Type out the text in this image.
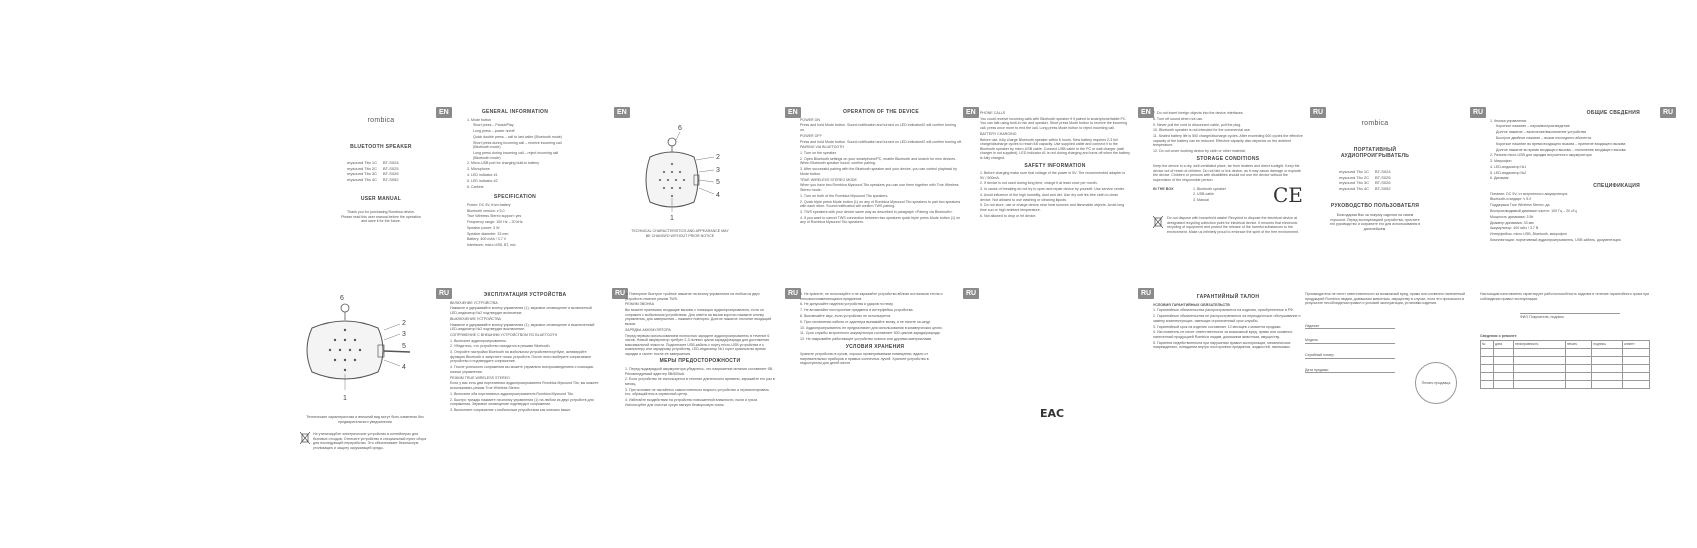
rombica
BLUETOOTH SPEAKER
mysound Tito 1C BT-S024
mysound Tito 2C BT-S025
mysound Tito 3C BT-S026
mysound Tito 4C BT-S052
USER MANUAL
Thank you for purchasing Rombica device. Please read this user manual before the operation and save it for the future.
EN	GENERAL INFORMATION

1. Mode button

Short press – Pause/Play

Long press – power on/off

Quick double press – call to last caller (Bluetooth mode)

Short press during incoming call – receive incoming call (Bluetooth mode)

Long press during incoming call – reject incoming call (Bluetooth mode)

2. Micro-USB port for charging built-in battery

3. Microphone

4. LED indicator #1

5. LED indicator #2

6. Carbine

SPECIFICATION

Power: DC 5V, from battery

Bluetooth version: v 5.0

True Wireless Stereo support: yes

Frequency range: 100 Hz – 20 kHz

Speaker power: 3 W

Speaker diameter: 33 mm

Battery: 400 mAh / 3.7 V

Interfaces: micro USB, BT, mic

EN
6
2
3
5
4
1
TECHNICAL CHARACTERISTICS AND APPEARANCE MAY BE CHANGED WITHOUT PRIOR NOTICE
EN	OPERATION OF THE DEVICE

POWER ON

Press and hold Mode button. Sound notification and turned on LED indicator#2 will confirm turning on.

POWER OFF

Press and hold Mode button. Sound notification and turned on LED indicator#2 will confirm turning off.

PAIRING VIA BLUETOOTH

1. Turn on the speaker.

2. Open Bluetooth settings on your smartphone/PC, enable Bluetooth and search for new devices. When Bluetooth speaker found, confirm pairing.

3. After successful pairing with the Bluetooth speaker and your device, you can control playback by Mode button.

TRUE WIRELESS STEREO MODE

When you have two Rombica Mysound Tito speakers you can use them together with True Wireless Stereo mode:

1. Turn on both of the Rombica Mysound Tito speakers.

2. Quick triple press Mode button (1) on any of Rombica Mysound Tito speakers to pair two speakers with each other. Sound notification will confirm TWS pairing.

3. TWS speakers with your device same way as described in paragraph «Pairing via Bluetooth».

4. If you want to cancel TWS connection between two speakers quick triple press Mode button (1) on any of Rombica Mysound Tito speakers.

EN	PHONE CALLS

You could receive incoming calls with Bluetooth speaker if it paired to smartphone/tablet PC. You can talk using built-in mic and speaker. Short press Mode button to receive the incoming call, press once more to end the call. Long press Mode button to reject incoming call.

BATTERY CHARGING

Before use, fully charge Bluetooth speaker within 6 hours. New battery requires 2-3 full charge/discharge cycles to reach full capacity. Use supplied cable and connect it to the Bluetooth speaker by micro-USB cable. Connect USB cable to the PC or wall charger (wall charger is not supplied). LED indicator #1 is red during charging and turns off when the battery is fully charged.

SAFETY INFORMATION

1. Before charging make sure that voltage of the power is 5V. The recommended adapter is 5V / 500mA.

2. If device is not used during long time, charge it at least once per month.

3. In cause of breaking do not try to open and repair device by yourself. Use service center.

4. Avoid influence of the high humidity, dust and dirt. Use dry soft lint-free cloth to clean device. Not allowed to use washing or cleaning liquids.

5. Do not store, use or charge device near heat sources and flammable objects. Avoid long time sun or high ambient temperature.

6. Not allowed to drop or hit device.

EN 7. Do not insert foreign objects into the device interfaces.

8. Turn off sound when not use.

9. Never pull the cord to disconnect cable, pull the plug.

10. Bluetooth speaker is not intended for the commercial use.

11. Sealed battery life is 500 charge/discharge cycles. After exceeding 500 cycles the effective capacity of the battery can be reduced. Effective capacity also depends on the ambient temperature.

12. Do not cover working device by cloth or other material.

STORAGE CONDITIONS

Keep the device in a dry, well-ventilated place, far from heaters and direct sunlight. Keep the device out of reach of children. Do not bite or lick device, as it may cause damage or explode the device. Children or persons with disabilities should not use the device without the supervision of the responsible person.

IN THE BOX	1. Bluetooth speaker

2. USB cable

3. Manual	CE
Do not dispose with household waste! Recycled to dispose the electrical device at designated recycling collection point for electrical device. It ensures that electronic recycling of equipment and protect the release of the harmful substances to the environment. Make us infinitely proud to embrace the spirit of the free environment.
RU
rombica
ПОРТАТИВНЫЙ АУДИОПРОИГРЫВАТЕЛЬ
mysound Tito 1C BT-S024
mysound Tito 2C BT-S025
mysound Tito 3C BT-S026
mysound Tito 4C BT-S052
РУКОВОДСТВО ПОЛЬЗОВАТЕЛЯ
Благодарим Вас за покупку изделия на сваем mysound. Перед эксплуатацией устройства, прочтите это руководство и сохраните его для использования в дальнейшем.
RU	ОБЩИЕ СВЕДЕНИЯ

1. Кнопка управления

Короткое нажатие – пауза/воспроизведение

Долгое нажатие – включение/выключение устройства

Быстрое двойное нажатие – вызов последнего абонента

Короткое нажатие во время входящего вызова – принятие входящего вызова

Долгое нажатие во время входящего вызова – отклонение входящего вызова

2. Разъем micro-USB для зарядки встроенного аккумулятора

3. Микрофон

4. LED-индикатор №1

5. LED-индикатор №2

6. Динамик

СПЕЦИФИКАЦИЯ

Питание: DC 5V, от встроенного аккумулятора

Bluetooth-стандарт: v 5.0

Поддержка True Wireless Stereo: да

Воспроизводимый диапазон частот: 100 Гц – 20 кГц

Мощность динамика: 3 Вт

Диаметр динамика: 33 мм

Аккумулятор: 400 мАч / 3.7 В

Интерфейсы: micro USB, Bluetooth, микрофон

Комплектация: портативный аудиопроигрыватель, USB кабель, документация

RU
6
2
3
5
4
1
Технические характеристики и внешний вид могут быть изменены без предварительного уведомления
Не утилизируйте электрическое устройство в контейнерах для бытовых отходов. Отнесите устройство в специальный пункт сбора для последующей переработки. Это обеспечивает безопасную утилизацию и защиту окружающей среды.
RU	ЭКСПЛУАТАЦИЯ УСТРОЙСТВА

ВКЛЮЧЕНИЕ УСТРОЙСТВА

Нажмите и удерживайте кнопку управления (1), звуковое оповещение и включенный LED-индикатор №2 подтвердят включение.

ВЫКЛЮЧЕНИЕ УСТРОЙСТВА

Нажмите и удерживайте кнопку управления (1), звуковое оповещение и выключенный LED-индикатор №2 подтвердят выключение.

СОПРЯЖЕНИЕ С ВНЕШНИМ УСТРОЙСТВОМ ПО BLUETOOTH

1. Включите аудиопроигрыватель.

2. Убедитесь, что устройство находится в режиме Bluetooth.

3. Откройте настройки Bluetooth на мобильном устройстве/ноутбуке, активируйте функцию Bluetooth и запустите поиск устройств. После этого выберите сопрягаемое устройство и подтвердите сопряжение.

4. После успешного сопряжения вы можете управлять воспроизведением с помощью кнопки управления.

РЕЖИМ TRUE WIRELESS STEREO

Если у вас есть два портативных аудиопроигрывателя Rombica Mysound Tito, вы можете использовать режим True Wireless Stereo:

1. Включите оба портативных аудиопроигрывателя Rombica Mysound Tito.

2. Быстро трижды нажмите на кнопку управления (1) на любом из двух устройств для сопряжения. Звуковое оповещение подтвердит сопряжение.

3. Выполните сопряжение с мобильным устройством как описано выше.

RU 4. Повторное быстрое тройное нажатие на кнопку управления на любом из двух устройств отменит режим TWS.

РЕЖИМ ЗВОНКА

Вы можете принимать входящие вызовы с помощью аудиопроигрывателя, если он сопряжен с мобильным устройством. Для ответа на вызов коротко нажмите кнопку управления, для завершения – нажмите повторно. Долгое нажатие отклонит входящий вызов.

ЗАРЯДКА АККУМУЛЯТОРА

Перед первым использованием полностью зарядите аудиопроигрыватель в течение 6 часов. Новый аккумулятор требует 2-3 полных цикла заряда/разряда для достижения максимальной емкости. Подключите USB-кабель к порту micro-USB устройства и к компьютеру или зарядному устройству. LED-индикатор №1 горит красным во время зарядки и гаснет после ее завершения.

МЕРЫ ПРЕДОСТОРОЖНОСТИ

1. Перед подзарядкой аккумулятора убедитесь, что напряжение питания составляет 5В. Рекомендуемый адаптер 5В/500мА.

2. Если устройство не используется в течение длительного времени, заряжайте его раз в месяц.

3. При поломке не пытайтесь самостоятельно вскрыть устройство и отремонтировать его, обращайтесь в сервисный центр.

4. Избегайте воздействия на устройство повышенной влажности, пыли и грязи. Используйте для очистки сухую мягкую безворсовую ткань.

RU 5. Не храните, не используйте и не заряжайте устройство вблизи источников тепла и легковоспламеняющихся предметов.

6. Не допускайте падения устройства и ударов по нему.

7. Не вставляйте посторонние предметы в интерфейсы устройства.

8. Выключайте звук, если устройство не используется.

9. При отключении кабеля от адаптера вынимайте вилку, а не тяните за шнур.

10. Аудиопроигрыватель не предназначен для использования в коммерческих целях.

11. Срок службы встроенного аккумулятора составляет 500 циклов заряда/разряда.

12. Не накрывайте работающее устройство тканью или другими материалами.

УСЛОВИЯ ХРАНЕНИЯ

Храните устройство в сухом, хорошо проветриваемом помещении, вдали от нагревательных приборов и прямых солнечных лучей. Храните устройство в недоступном для детей месте.

RU
EAC
ГАРАНТИЙНЫЙ ТАЛОН

УСЛОВИЯ ГАРАНТИЙНЫХ ОБЯЗАТЕЛЬСТВ

1. Гарантийные обязательства распространяются на изделия, приобретенные в РФ.

2. Гарантийные обязательства не распространяются на периодическое обслуживание и замену комплектующих, имеющих ограниченный срок службы.

3. Гарантийный срок на изделие составляет 12 месяцев с момента продажи.

4. Изготовитель не несет ответственности за возможный вред, прямо или косвенно нанесенный продукцией Rombica людям, домашним животным, имуществу.

5. Гарантия недействительна при нарушении правил эксплуатации, механических повреждениях, попадании внутрь посторонних предметов, жидкостей, насекомых.

RU	Производитель не несет ответственности за возможный вред, прямо или косвенно нанесенный продукцией Rombica людям, домашним животным, имуществу в случае, если это произошло в результате несоблюдения правил и условий эксплуатации, установки изделия.

Изделие
Модель
Серийный номер
Дата продажи
Печать продавца

Настоящим изготовитель гарантирует работоспособность изделия в течение гарантийного срока при соблюдении правил эксплуатации.

ФИО Покупателя, подпись
Сведения о ремонте
№	дата	неисправность	печать	подпись	клиент
